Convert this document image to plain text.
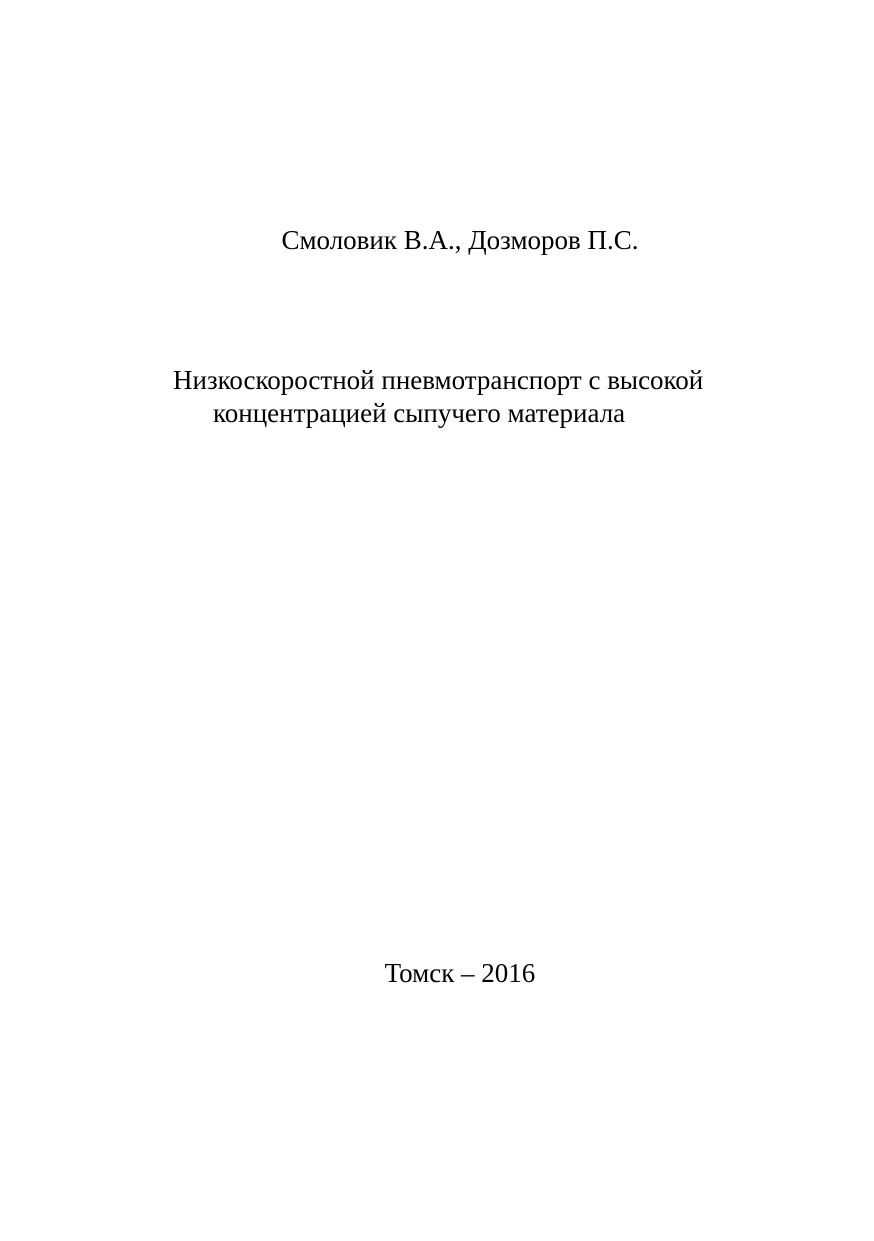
Смоловик В.А., Дозморов П.С.
Низкоскоростной пневмотранспорт с высокой
концентрацией сыпучего материала
Томск – 2016
